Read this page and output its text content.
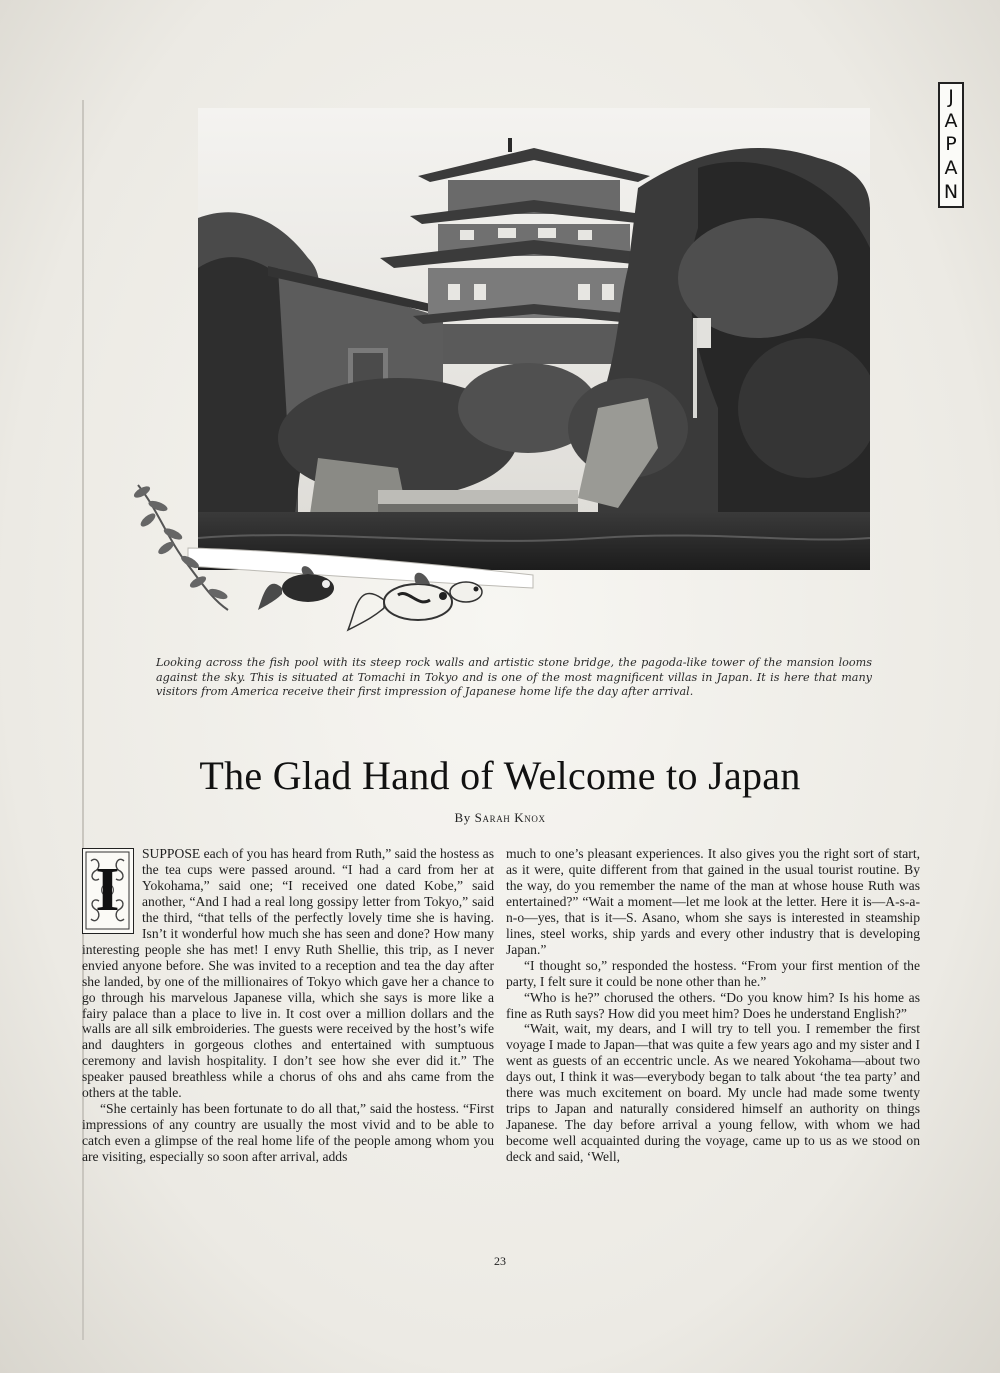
J
A
P
A
N
Looking across the fish pool with its steep rock walls and artistic stone bridge, the pagoda-like tower of the mansion looms against the sky. This is situated at Tomachi in Tokyo and is one of the most magnificent villas in Japan. It is here that many visitors from America receive their first impression of Japanese home life the day after arrival.
The Glad Hand of Welcome to Japan
By Sarah Knox
I

SUPPOSE each of you has heard from Ruth,” said the hostess as the tea cups were passed around. “I had a card from her at Yokohama,” said one; “I received one dated Kobe,” said another, “And I had a real long gossipy letter from Tokyo,” said the third, “that tells of the perfectly lovely time she is having. Isn’t it wonderful how much she has seen and done? How many interesting people she has met! I envy Ruth Shellie, this trip, as I never envied anyone before. She was invited to a reception and tea the day after she landed, by one of the millionaires of Tokyo which gave her a chance to go through his marvelous Japanese villa, which she says is more like a fairy palace than a place to live in. It cost over a million dollars and the walls are all silk embroideries. The guests were received by the host’s wife and daughters in gorgeous clothes and entertained with sumptuous ceremony and lavish hospitality. I don’t see how she ever did it.” The speaker paused breathless while a chorus of ohs and ahs came from the others at the table.

“She certainly has been fortunate to do all that,” said the hostess. “First impressions of any country are usually the most vivid and to be able to catch even a glimpse of the real home life of the people among whom you are visiting, especially so soon after arrival, adds

much to one’s pleasant experiences. It also gives you the right sort of start, as it were, quite different from that gained in the usual tourist routine. By the way, do you remember the name of the man at whose house Ruth was entertained?” “Wait a moment—let me look at the letter. Here it is—A-s-a-n-o—yes, that is it—S. Asano, whom she says is interested in steamship lines, steel works, ship yards and every other industry that is developing Japan.”

“I thought so,” responded the hostess. “From your first mention of the party, I felt sure it could be none other than he.”

“Who is he?” chorused the others. “Do you know him? Is his home as fine as Ruth says? How did you meet him? Does he understand English?”

“Wait, wait, my dears, and I will try to tell you. I remember the first voyage I made to Japan—that was quite a few years ago and my sister and I went as guests of an eccentric uncle. As we neared Yokohama—about two days out, I think it was—everybody began to talk about ‘the tea party’ and there was much excitement on board. My uncle had made some twenty trips to Japan and naturally considered himself an authority on things Japanese. The day before arrival a young fellow, with whom we had become well acquainted during the voyage, came up to us as we stood on deck and said, ‘Well,

23
